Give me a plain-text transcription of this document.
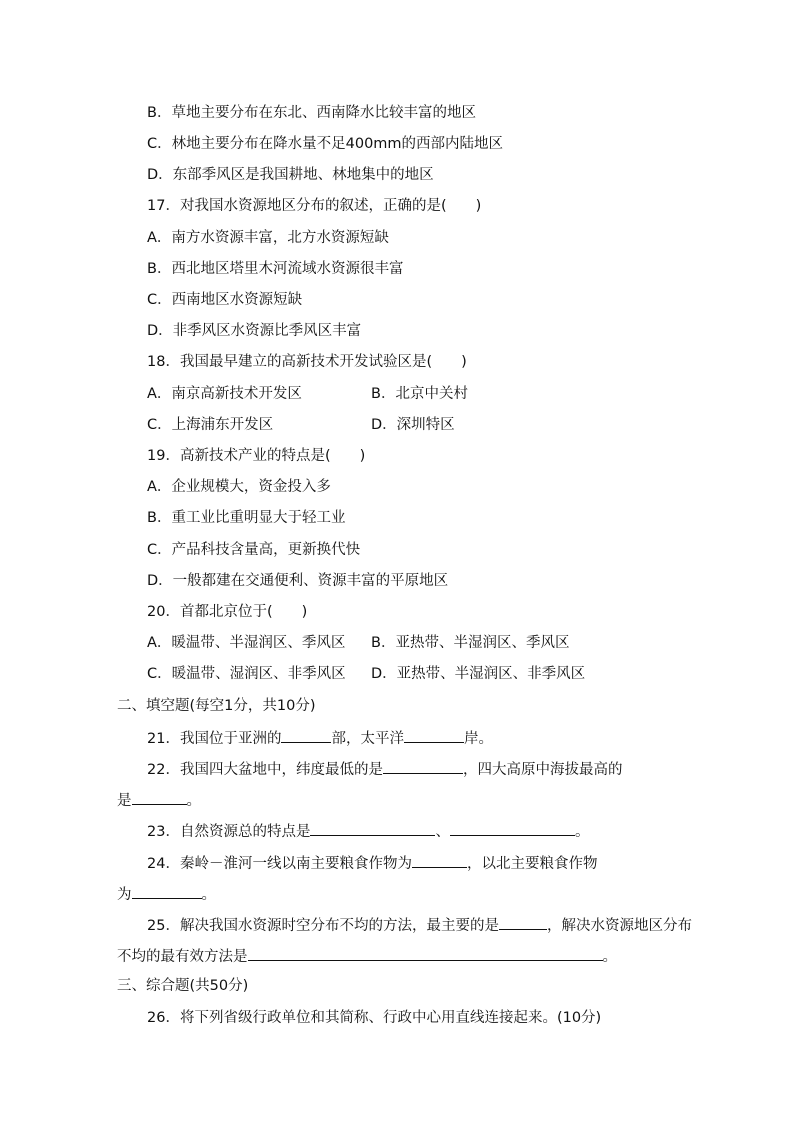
B．草地主要分布在东北、西南降水比较丰富的地区
C．林地主要分布在降水量不足400mm的西部内陆地区
D．东部季风区是我国耕地、林地集中的地区
17．对我国水资源地区分布的叙述，正确的是(　　)
A．南方水资源丰富，北方水资源短缺
B．西北地区塔里木河流域水资源很丰富
C．西南地区水资源短缺
D．非季风区水资源比季风区丰富
18．我国最早建立的高新技术开发试验区是(　　)
A．南京高新技术开发区	B．北京中关村
C．上海浦东开发区	D．深圳特区
19．高新技术产业的特点是(　　)
A．企业规模大，资金投入多
B．重工业比重明显大于轻工业
C．产品科技含量高，更新换代快
D．一般都建在交通便利、资源丰富的平原地区
20．首都北京位于(　　)
A．暖温带、半湿润区、季风区 B．亚热带、半湿润区、季风区
C．暖温带、湿润区、非季风区 D．亚热带、半湿润区、非季风区
二、填空题(每空1分，共10分)
21．我国位于亚洲的	部，太平洋	岸。
22．我国四大盆地中，纬度最低的是	，四大高原中海拔最高的
是	。
23．自然资源总的特点是	、	。
24．秦岭－淮河一线以南主要粮食作物为	，以北主要粮食作物
为	。
25．解决我国水资源时空分布不均的方法，最主要的是	，解决水资源地区分布
不均的最有效方法是	。
三、综合题(共50分)
26．将下列省级行政单位和其简称、行政中心用直线连接起来。(10分)
